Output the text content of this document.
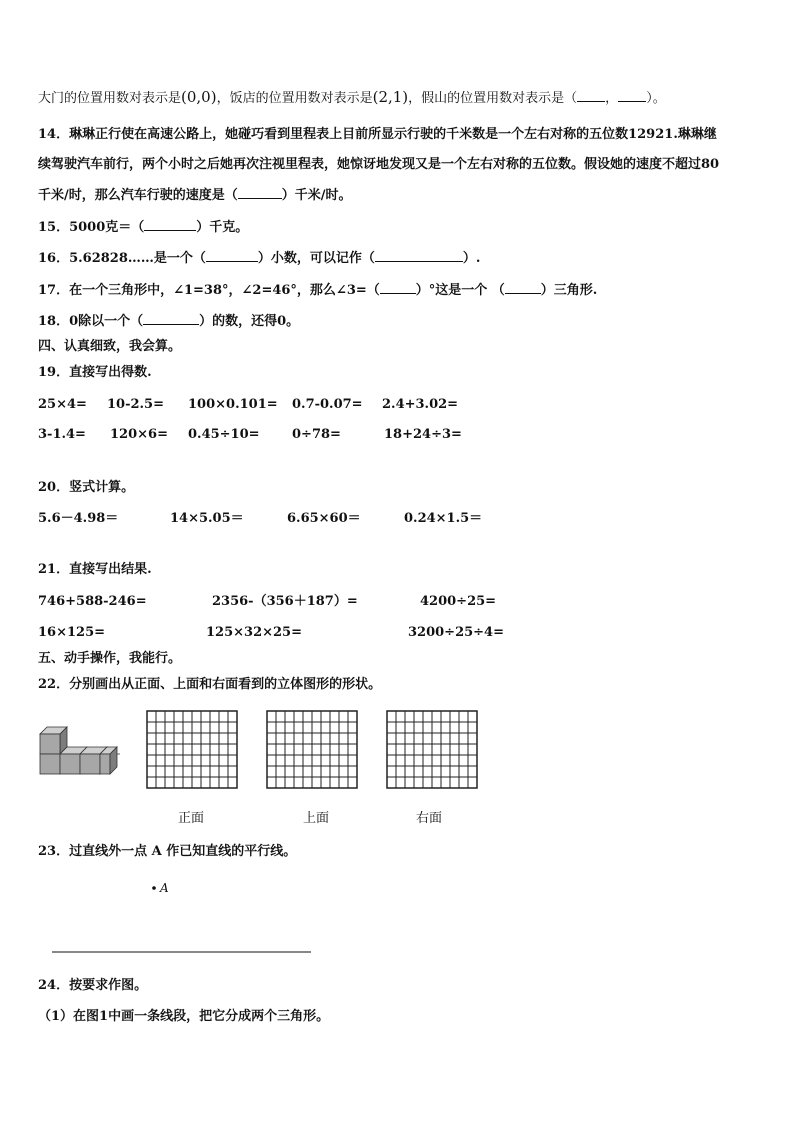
大门的位置用数对表示是(0,0)，饭店的位置用数对表示是(2,1)，假山的位置用数对表示是（ ， ）。
14．琳琳正行使在高速公路上，她碰巧看到里程表上目前所显示行驶的千米数是一个左右对称的五位数12921.琳琳继
续驾驶汽车前行，两个小时之后她再次注视里程表，她惊讶地发现又是一个左右对称的五位数。假设她的速度不超过80
千米/时，那么汽车行驶的速度是（	）千米/时。
15．5000克＝（	）千克。
16．5.62828……是一个（	）小数，可以记作（	）.
17．在一个三角形中，∠1=38°，∠2=46°，那么∠3=（	）°这是一个 （	）三角形.
18．0除以一个（	）的数，还得0。
四、认真细致，我会算。
19．直接写出得数.
25×4= 10-2.5= 100×0.101= 0.7-0.07= 2.4+3.02=
3-1.4= 120×6= 0.45÷10= 0÷78=	18+24÷3=
20．竖式计算。
5.6－4.98＝	14×5.05＝	6.65×60＝	0.24×1.5＝
21．直接写出结果.
746+588-246=	2356-（356＋187）=	4200÷25=
16×125=	125×32×25=	3200÷25÷4=
五、动手操作，我能行。
22．分别画出从正面、上面和右面看到的立体图形的形状。
正面	上面	右面
23．过直线外一点 A 作已知直线的平行线。
A
24．按要求作图。
（1）在图1中画一条线段，把它分成两个三角形。
